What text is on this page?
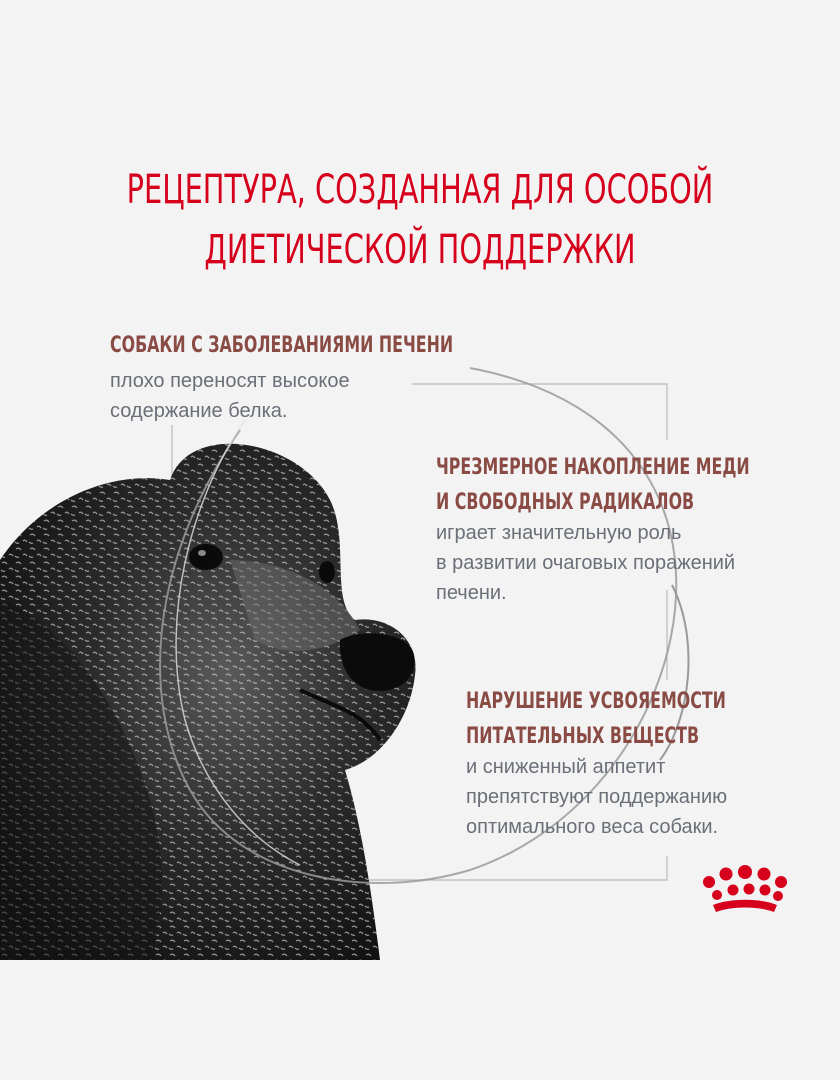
РЕЦЕПТУРА, СОЗДАННАЯ ДЛЯ ОСОБОЙ
ДИЕТИЧЕСКОЙ ПОДДЕРЖКИ
СОБАКИ С ЗАБОЛЕВАНИЯМИ ПЕЧЕНИ
плохо переносят высокое
содержание белка.
ЧРЕЗМЕРНОЕ НАКОПЛЕНИЕ МЕДИ
И СВОБОДНЫХ РАДИКАЛОВ
играет значительную роль
в развитии очаговых поражений
печени.
НАРУШЕНИЕ УСВОЯЕМОСТИ
ПИТАТЕЛЬНЫХ ВЕЩЕСТВ
и сниженный аппетит
препятствуют поддержанию
оптимального веса собаки.
